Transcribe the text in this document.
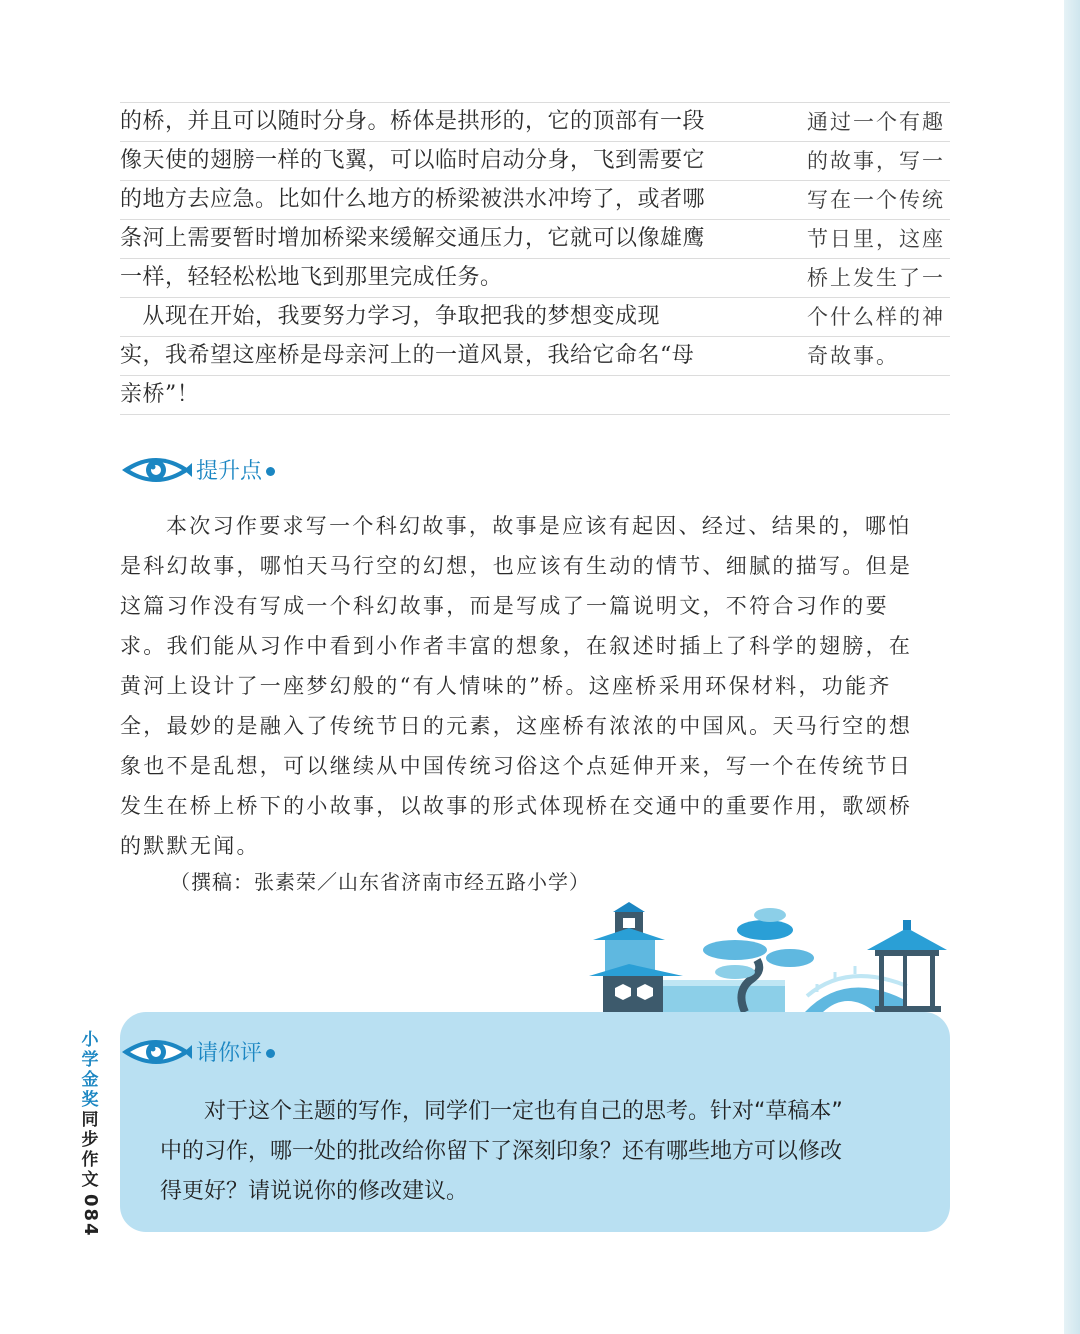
的桥，并且可以随时分身。桥体是拱形的，它的顶部有一段	通过一个有趣
像天使的翅膀一样的飞翼，可以临时启动分身，飞到需要它	的故事，写一
的地方去应急。比如什么地方的桥梁被洪水冲垮了，或者哪	写在一个传统
条河上需要暂时增加桥梁来缓解交通压力，它就可以像雄鹰	节日里，这座
一样，轻轻松松地飞到那里完成任务。	桥上发生了一
　从现在开始，我要努力学习，争取把我的梦想变成现	个什么样的神
实，我希望这座桥是母亲河上的一道风景，我给它命名“母	奇故事。
亲桥”！
提升点
本次习作要求写一个科幻故事，故事是应该有起因、经过、结果的，哪怕
是科幻故事，哪怕天马行空的幻想，也应该有生动的情节、细腻的描写。但是
这篇习作没有写成一个科幻故事，而是写成了一篇说明文，不符合习作的要
求。我们能从习作中看到小作者丰富的想象，在叙述时插上了科学的翅膀，在
黄河上设计了一座梦幻般的“有人情味的”桥。这座桥采用环保材料，功能齐
全，最妙的是融入了传统节日的元素，这座桥有浓浓的中国风。天马行空的想
象也不是乱想，可以继续从中国传统习俗这个点延伸开来，写一个在传统节日
发生在桥上桥下的小故事，以故事的形式体现桥在交通中的重要作用，歌颂桥
的默默无闻。
（撰稿：张素荣／山东省济南市经五路小学）
请你评
对于这个主题的写作，同学们一定也有自己的思考。针对“草稿本”
中的习作，哪一处的批改给你留下了深刻印象？还有哪些地方可以修改
得更好？请说说你的修改建议。
小学金奖
同步作文
084
